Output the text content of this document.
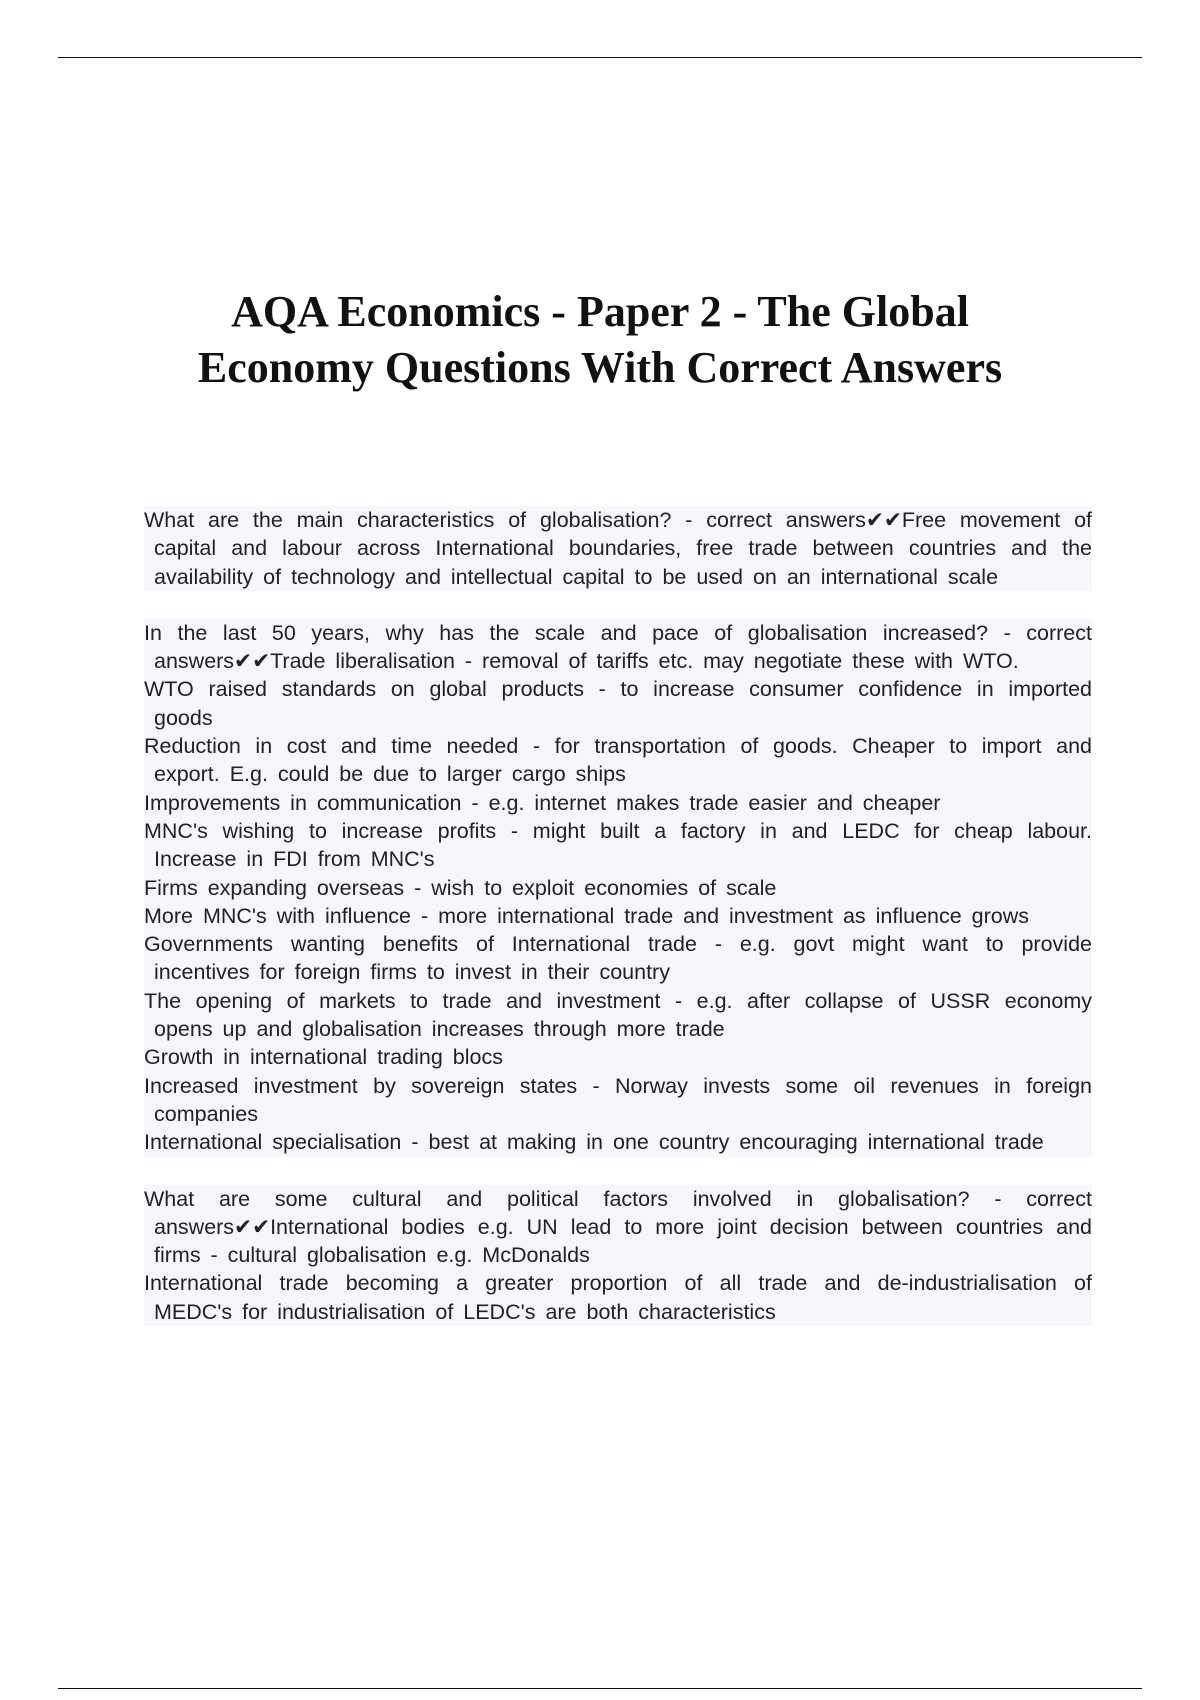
AQA Economics - Paper 2 - The Global
Economy Questions With Correct Answers

What are the main characteristics of globalisation? - correct answers✔✔Free movement of capital and labour across International boundaries, free trade between countries and the availability of technology and intellectual capital to be used on an international scale

In the last 50 years, why has the scale and pace of globalisation increased? - correct answers✔✔Trade liberalisation - removal of tariffs etc. may negotiate these with WTO.

WTO raised standards on global products - to increase consumer confidence in imported goods

Reduction in cost and time needed - for transportation of goods. Cheaper to import and export. E.g. could be due to larger cargo ships

Improvements in communication - e.g. internet makes trade easier and cheaper

MNC's wishing to increase profits - might built a factory in and LEDC for cheap labour. Increase in FDI from MNC's

Firms expanding overseas - wish to exploit economies of scale

More MNC's with influence - more international trade and investment as influence grows

Governments wanting benefits of International trade - e.g. govt might want to provide incentives for foreign firms to invest in their country

The opening of markets to trade and investment - e.g. after collapse of USSR economy opens up and globalisation increases through more trade

Growth in international trading blocs

Increased investment by sovereign states - Norway invests some oil revenues in foreign companies

International specialisation - best at making in one country encouraging international trade

What are some cultural and political factors involved in globalisation? - correct answers✔✔International bodies e.g. UN lead to more joint decision between countries and firms - cultural globalisation e.g. McDonalds

International trade becoming a greater proportion of all trade and de-industrialisation of MEDC's for industrialisation of LEDC's are both characteristics
